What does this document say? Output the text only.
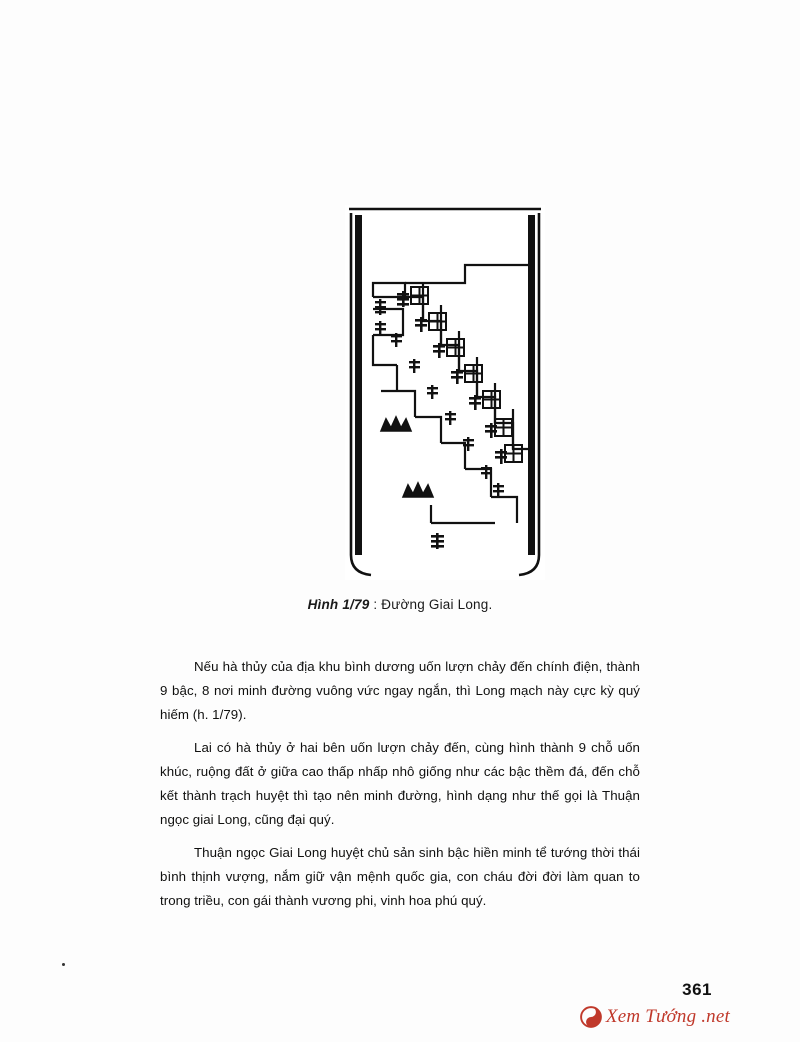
Hình 1/79 : Đường Giai Long.

Nếu hà thủy của địa khu bình dương uốn lượn chảy đến chính điện, thành 9 bậc, 8 nơi minh đường vuông vức ngay ngắn, thì Long mạch này cực kỳ quý hiếm (h. 1/79).

Lai có hà thủy ở hai bên uốn lượn chảy đến, cùng hình thành 9 chỗ uốn khúc, ruộng đất ở giữa cao thấp nhấp nhô giống như các bậc thềm đá, đến chỗ kết thành trạch huyệt thì tạo nên minh đường, hình dạng như thế gọi là Thuận ngọc giai Long, cũng đại quý.

Thuận ngọc Giai Long huyệt chủ sản sinh bậc hiền minh tể tướng thời thái bình thịnh vượng, nắm giữ vận mệnh quốc gia, con cháu đời đời làm quan to trong triều, con gái thành vương phi, vinh hoa phú quý.

361
Xem Tướng .net
